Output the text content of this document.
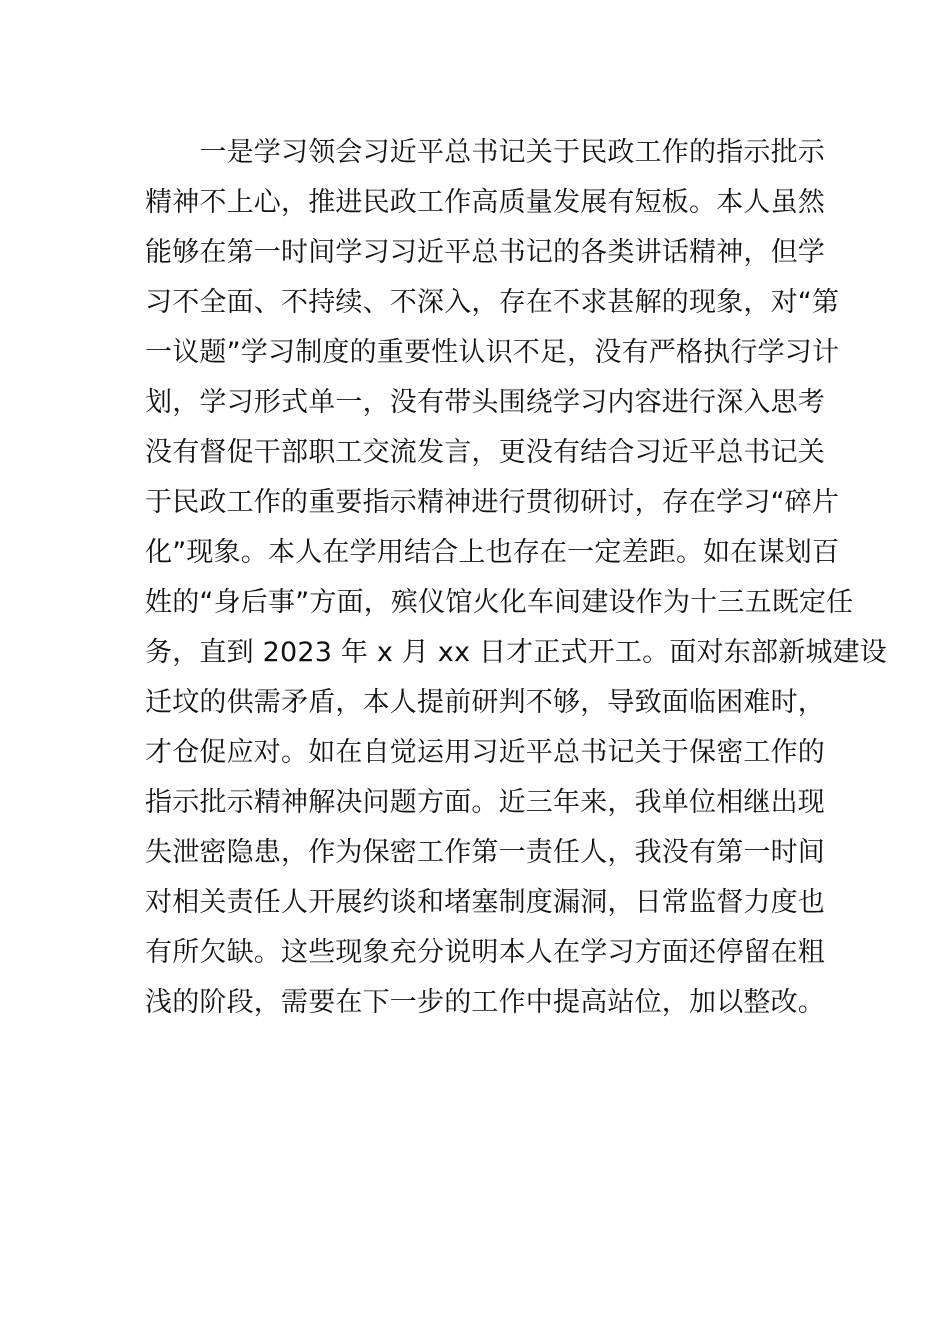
　　一是学习领会习近平总书记关于民政工作的指示批示
精神不上心，推进民政工作高质量发展有短板。本人虽然
能够在第一时间学习习近平总书记的各类讲话精神，但学
习不全面、不持续、不深入，存在不求甚解的现象，对“第
一议题”学习制度的重要性认识不足，没有严格执行学习计
划，学习形式单一，没有带头围绕学习内容进行深入思考
没有督促干部职工交流发言，更没有结合习近平总书记关
于民政工作的重要指示精神进行贯彻研讨，存在学习“碎片
化”现象。本人在学用结合上也存在一定差距。如在谋划百
姓的“身后事”方面，殡仪馆火化车间建设作为十三五既定任
务，直到 2023 年 x 月 xx 日才正式开工。面对东部新城建设
迁坟的供需矛盾，本人提前研判不够，导致面临困难时，
才仓促应对。如在自觉运用习近平总书记关于保密工作的
指示批示精神解决问题方面。近三年来，我单位相继出现
失泄密隐患，作为保密工作第一责任人，我没有第一时间
对相关责任人开展约谈和堵塞制度漏洞，日常监督力度也
有所欠缺。这些现象充分说明本人在学习方面还停留在粗
浅的阶段，需要在下一步的工作中提高站位，加以整改。
